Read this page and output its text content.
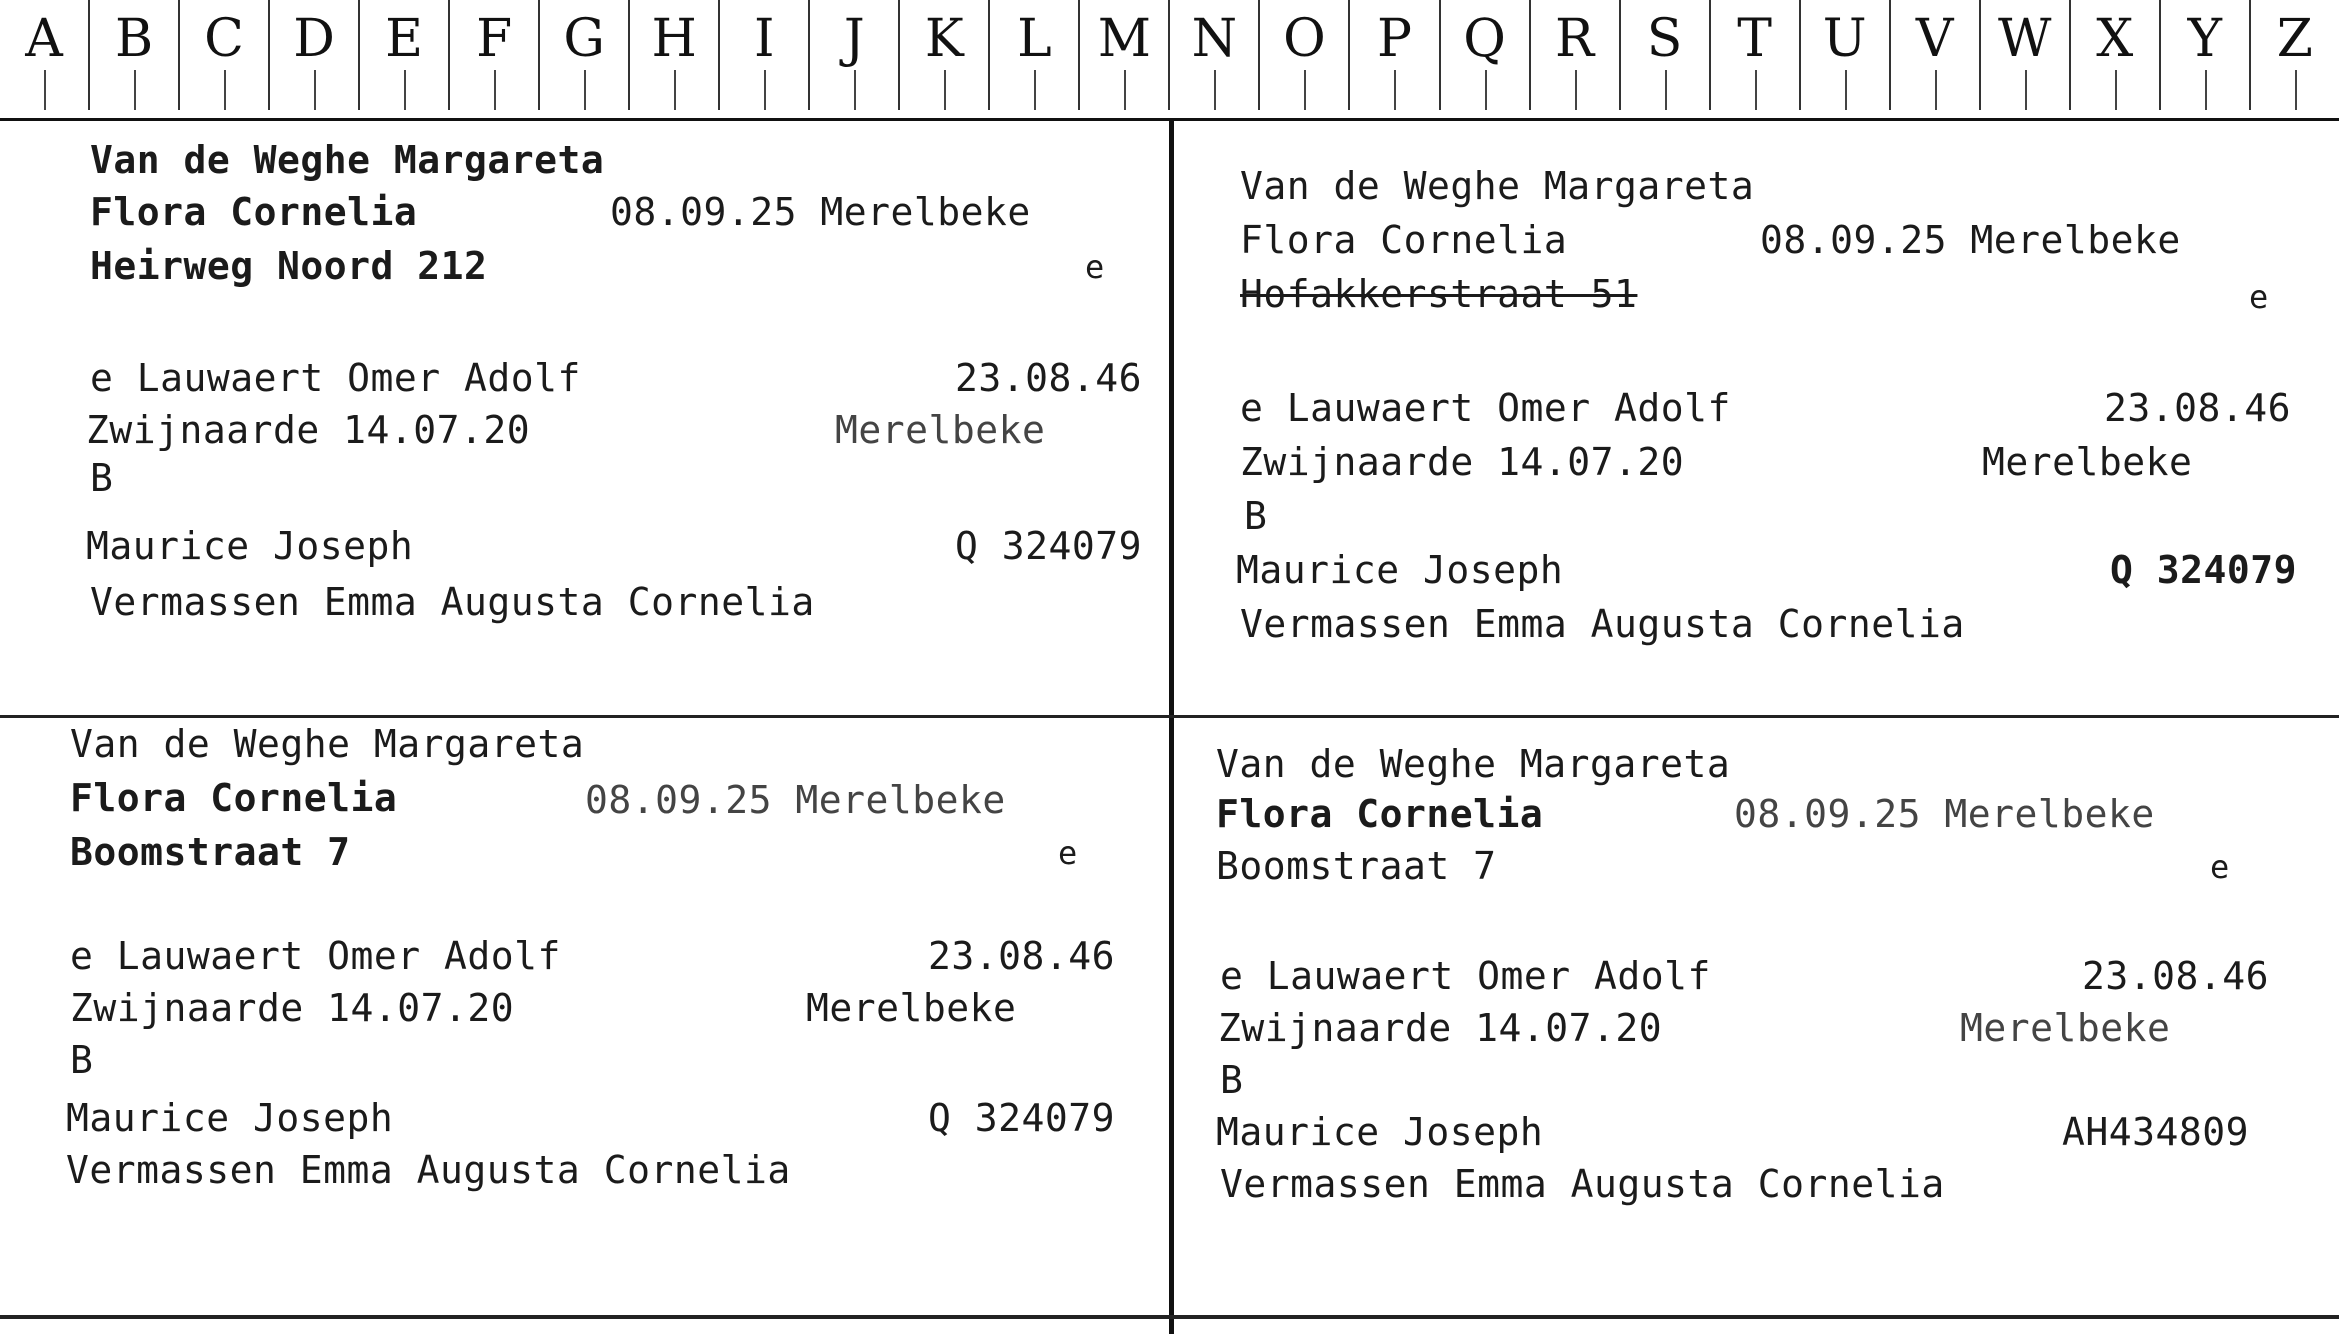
A	B C D E	F G H	I	J	K	L M N O P Q R	S	T U V W X	Y	Z
Van de Weghe Margareta
Flora Cornelia	08.09.25 Merelbeke
Heirweg Noord 212	e
e Lauwaert Omer Adolf	23.08.46
Zwijnaarde 14.07.20	Merelbeke
B
Maurice Joseph	Q 324079
Vermassen Emma Augusta Cornelia
Van de Weghe Margareta
Flora Cornelia	08.09.25 Merelbeke
Hofakkerstraat 51	e
e Lauwaert Omer Adolf	23.08.46
Zwijnaarde 14.07.20	Merelbeke
B
Maurice Joseph	Q 324079
Vermassen Emma Augusta Cornelia
Van de Weghe Margareta
Flora Cornelia	08.09.25 Merelbeke
Boomstraat 7	e
e Lauwaert Omer Adolf	23.08.46
Zwijnaarde 14.07.20	Merelbeke
B
Maurice Joseph	Q 324079
Vermassen Emma Augusta Cornelia
Van de Weghe Margareta
Flora Cornelia	08.09.25 Merelbeke
Boomstraat 7	e
e Lauwaert Omer Adolf	23.08.46
Zwijnaarde 14.07.20	Merelbeke
B
Maurice Joseph	AH434809
Vermassen Emma Augusta Cornelia
